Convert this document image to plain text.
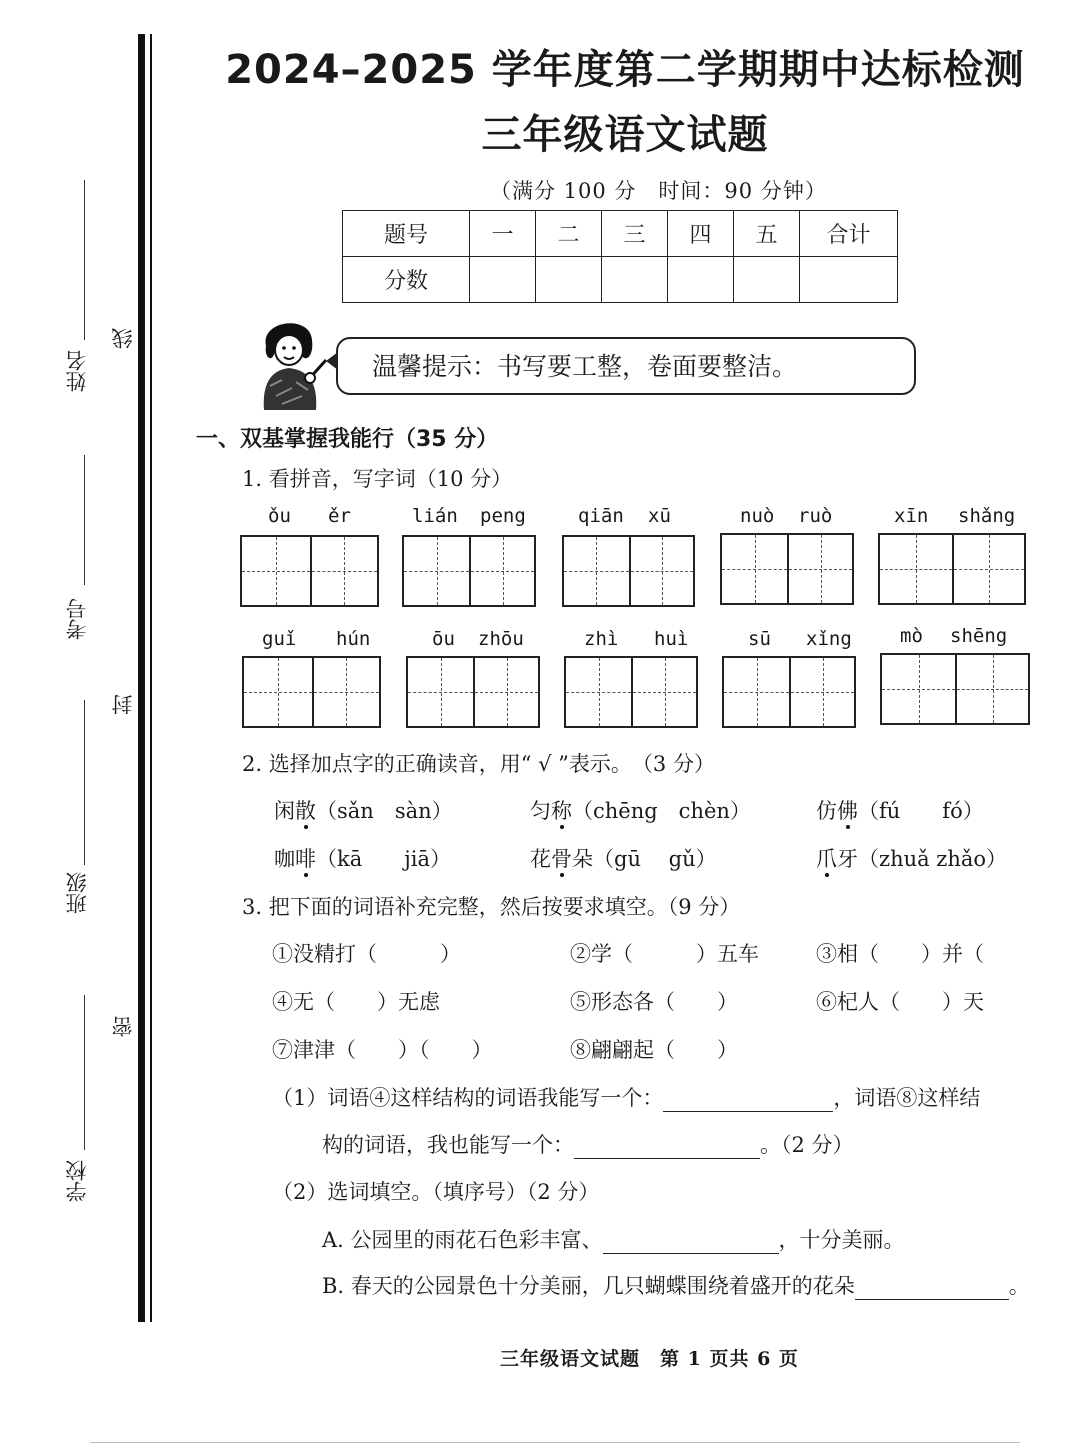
姓名
线
考号
封
班级
密
学校
2024–2025 学年度第二学期期中达标检测
三年级语文试题
（满分 100 分　时间：90 分钟）
题号	一	二	三	四	五	合计
分数						
温馨提示：书写要工整，卷面要整洁。
一、双基掌握我能行（35 分）
1. 看拼音，写字词（10 分）
ǒu ěr	lián peng	qiān xū	nuò ruò	xīn shǎng
guǐ hún	ōu zhōu	zhì huì	sū xǐng	mò shēng
2. 选择加点字的正确读音，用“ √ ”表示。　（3 分）
闲散（sǎn　sàn）	匀称（chēng　chèn）	仿佛（fú　　fó）
咖啡（kā　　jiā）	花骨朵（gū　 gǔ）	爪牙（zhuǎ zhǎo）
3. 把下面的词语补充完整，然后按要求填空。（9 分）
①没精打（　　　）	②学（　　　）五车	③相（　　）并（
④无（　　）无虑	⑤形态各（　　）	⑥杞人（　　）天
⑦津津（　　）（　　）	⑧翩翩起（　　）
（1）词语④这样结构的词语我能写一个：	，词语⑧这样结
构的词语，我也能写一个：	。（2 分）
（2）选词填空。（填序号）（2 分）
A. 公园里的雨花石色彩丰富、	，十分美丽。
B. 春天的公园景色十分美丽，几只蝴蝶围绕着盛开的花朵	。
三年级语文试题　第 1 页共 6 页
